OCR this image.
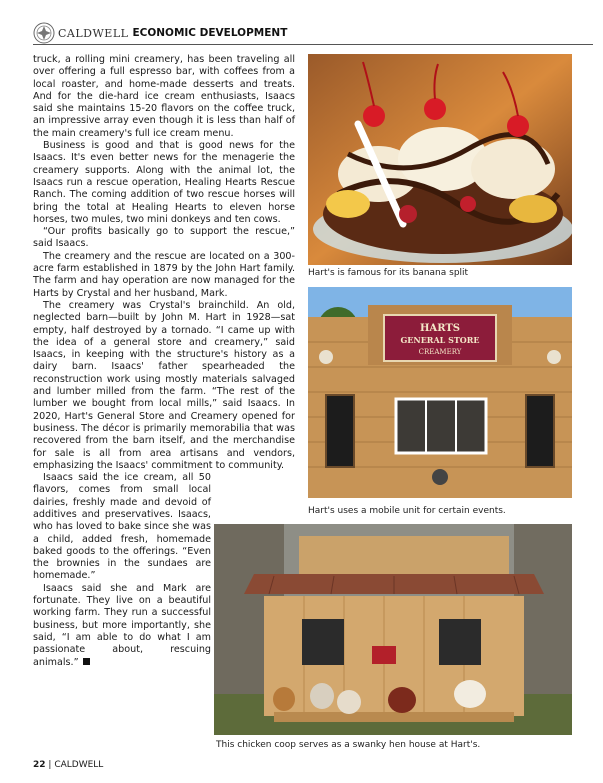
CALDWELL ECONOMIC DEVELOPMENT

truck, a rolling mini creamery, has been traveling all over offering a full espresso bar, with coffees from a local roaster, and home-made desserts and treats. And for the die-hard ice cream enthusiasts, Isaacs said she maintains 15-20 flavors on the coffee truck, an impressive array even though it is less than half of the main creamery's full ice cream menu.

Business is good and that is good news for the Isaacs. It's even better news for the menagerie the creamery supports. Along with the animal lot, the Isaacs run a rescue operation, Healing Hearts Rescue Ranch. The coming addition of two rescue horses will bring the total at Healing Hearts to eleven horse horses, two mules, two mini donkeys and ten cows.

“Our profits basically go to support the rescue,” said Isaacs.

The creamery and the rescue are located on a 300-acre farm established in 1879 by the John Hart family. The farm and hay operation are now managed for the Harts by Crystal and her husband, Mark.

The creamery was Crystal's brainchild. An old, neglected barn—built by John M. Hart in 1928—sat empty, half destroyed by a tornado. “I came up with the idea of a general store and creamery,” said Isaacs, in keeping with the structure's history as a dairy barn. Isaacs' father spearheaded the reconstruction work using mostly materials salvaged and lumber milled from the farm. “The rest of the lumber we bought from local mills,” said Isaacs. In 2020, Hart's General Store and Creamery opened for business. The décor is primarily memorabilia that was recovered from the barn itself, and the merchandise for sale is all from area artisans and vendors, emphasizing the Isaacs' commitment to community.

Isaacs said the ice cream, all 50 flavors, comes from small local dairies, freshly made and devoid of additives and preservatives. Isaacs, who has loved to bake since she was a child, added fresh, homemade baked goods to the offerings. “Even the brownies in the sundaes are homemade.”

Isaacs said she and Mark are fortunate. They live on a beautiful working farm. They run a successful business, but more importantly, she said, “I am able to do what I am passionate about, rescuing animals.”

Hart's is famous for its banana split
HARTS
GENERAL STORE
CREAMERY
Hart's uses a mobile unit for certain events.
This chicken coop serves as a swanky hen house at Hart's.
22 | CALDWELL
